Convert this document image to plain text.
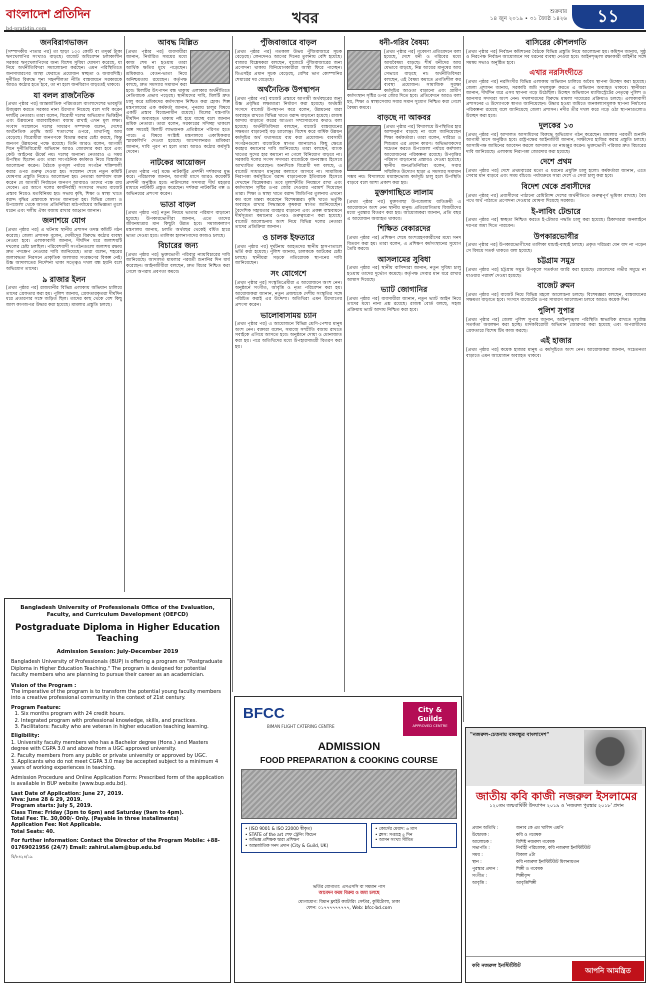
বাংলাদেশ প্রতিদিন
bd-pratidin.com
খবর	শুক্রবার
১৪ জুন ২০১৯ • ৩১ জ্যৈষ্ঠ ১৪২৬	১১
জনবিরাগভাজন

[সম্পাদকীয় পাতার পর] তা ছাড়া ১০০ কোটি বা তদূর্ধ্ব টাকা ঋণখেলাপির সংখ্যাও বাড়ছে। বাজেট অধিবেশন চলাকালীন সরকার ঋণখেলাপিদের জন্য বিশেষ সুবিধা ঘোষণা করেছে, যা নিয়ে অর্থনীতিবিদরা সমালোচনা করছেন। এমন পরিস্থিতিতে জনসাধারণের আস্থা ফেরাতে প্রয়োজন স্বচ্ছতা ও জবাবদিহি। দুর্নীতির বিরুদ্ধে শূন্য সহনশীলতা নীতি বাস্তবায়নে সরকারকে আরও কঠোর হতে হবে, তা না হলে জনবিরাগ বাড়তেই থাকবে।

যা বলল রাজনৈতিক

[প্রথম পৃষ্ঠার পর] আন্তর্জাতিক পরিমণ্ডলে বাংলাদেশের ভাবমূর্তি উজ্জ্বল করতে সরকার নানা উদ্যোগ নিয়েছে বলে দাবি করেন দলটির নেতারা। তারা বলেন, বিরোধী দলের অভিযোগ ভিত্তিহীন এবং উন্নয়নের ধারাবাহিকতা বজায় রাখাই এখন মূল লক্ষ্য। সংবাদ সম্মেলনে দলের সাধারণ সম্পাদক বলেন, দেশের অর্থনৈতিক প্রবৃদ্ধি আট শতাংশের ওপরে, মাথাপিছু আয় বেড়েছে। বিরোধীরা জনগণকে বিভ্রান্ত করার চেষ্টা করছে, কিন্তু জনগণ উন্নয়নের পক্ষে রয়েছে। তিনি আরও বলেন, আগামী দিনে দুর্নীতিবিরোধী অভিযান আরও জোরদার করা হবে এবং কেউ আইনের ঊর্ধ্বে নয়। দলের অন্যান্য নেতারাও এ সময় উপস্থিত ছিলেন এবং তারা সাংগঠনিক কর্মকাণ্ড নিয়ে বিস্তারিত আলোচনা করেন। বৈঠকে তৃণমূল পর্যায়ে সংগঠন শক্তিশালী করার ওপর গুরুত্ব দেওয়া হয়। সম্মেলন শেষে নতুন কমিটি ঘোষণার প্রস্তুতি নিয়েও আলোচনা হয়। নেতারা আশাবাদ ব্যক্ত করেন যে আগামী নির্বাচনে জনগণ আবারও তাদের পক্ষে রায় দেবেন। এর আগে দলের কার্যনির্বাহী সংসদের সভায় বাজেট প্রস্তাব নিয়েও মতবিনিময় হয়। সভায় কৃষি, শিক্ষা ও স্বাস্থ্য খাতে বরাদ্দ বৃদ্ধির প্রস্তাবকে স্বাগত জানানো হয়। বিভিন্ন জেলা ও উপজেলা থেকে আগত প্রতিনিধিরা মাঠপর্যায়ের অভিজ্ঞতা তুলে ধরেন এবং দলীয় ঐক্য বজায় রাখার আহ্বান জানান।

জলাশয়ে যোগ

[প্রথম পৃষ্ঠার পর] এ ঘটনায় স্থানীয় প্রশাসন তদন্ত কমিটি গঠন করেছে। জেলা প্রশাসক বলেন, দোষীদের বিরুদ্ধে কঠোর ব্যবস্থা নেওয়া হবে। এলাকাবাসী জানান, দীর্ঘদিন ধরে জলাশয়টি দখলের চেষ্টা চলছিল। পরিবেশবাদী সংগঠনগুলো জলাশয় রক্ষায় দ্রুত পদক্ষেপ নেওয়ার দাবি জানিয়েছে। তারা বলেন, শহরের জলাবদ্ধতা নিরসনে প্রাকৃতিক জলাধার সংরক্ষণের বিকল্প নেই। উচ্চ আদালতের নির্দেশনা থাকা সত্ত্বেও দখল বন্ধ হয়নি বলে অভিযোগ তাদের।

৯ রাজার ইলন

[প্রথম পৃষ্ঠার পর] রাজধানীর বিভিন্ন এলাকায় অভিযান চালিয়ে তাদের গ্রেফতার করা হয়। পুলিশ জানায়, গ্রেফতারকৃতরা দীর্ঘদিন ধরে প্রতারণার সঙ্গে জড়িত ছিল। তাদের কাছ থেকে বেশ কিছু জাল কাগজপত্র উদ্ধার করা হয়েছে। মামলার প্রস্তুতি চলছে।

Bangladesh University of Professionals Office of the Evaluation, Faculty, and Curriculum Development (OEFCD)
Postgraduate Diploma in Higher Education Teaching
Admission Session: July-December 2019

Bangladesh University of Professionals (BUP) is offering a program on "Postgraduate Diploma in Higher Education Teaching." The program is designed for potential faculty members who are planning to pursue their career as an academician.

Vision of the Program :

The imperative of the program is to transform the potential young faculty members into a creative professional community in the context of 21st century.

Program Feature:
1. Six months program with 24 credit hours.
2. Integrated program with professional knowledge, skills, and practices.
3. Facilitators: Faculty who are veteran in higher education teaching learning.
Eligibility:

1. University faculty members who has a Bachelor degree (Hons.) and Masters degree with CGPA 3.0 and above from a UGC approved university.

2. Faculty members from any public or private university or approved by UGC.

3. Applicants who do not meet CGPA 3.0 may be accepted subject to a minimum 4 years of working experiences in teaching.

Admission Procedure and Online Application Form: Prescribed form of the application is available in BUP website (www.bup.edu.bd).

Last Date of Application: June 27, 2019.

Viva: June 28 & 29, 2019.

Program starts: July 5, 2019.

Class Time: Friday (3pm to 6pm) and Saturday (9am to 4pm).

Total Fee: Tk. 30,000/- Only. (Payable in three installments)

Application Fee: Not Applicable.

Total Seats: 40.

For further information: Contact the Director of the Program Mobile: +88-01769021956 (24/7) Email: zahirul.alam@bup.edu.bd

বি/৮৪২৪/১৯

আবদ্ধ মিল্লিত

[প্রথম পৃষ্ঠার পর] ব্যবসায়ীরা জানান, নির্ধারিত সময়ের মধ্যে কাজ শেষ না হওয়ায় তারা আর্থিক ক্ষতির মুখে পড়েছেন। শ্রমিকরাও বেতন-ভাতা নিয়ে অনিশ্চয়তায় রয়েছেন। কর্তৃপক্ষ বলছে, দ্রুত সমস্যার সমাধান করা হবে। মিলটির উৎপাদন বন্ধ থাকায় এলাকার অর্থনীতিতে নেতিবাচক প্রভাব পড়েছে। স্থানীয়দের দাবি, মিলটি দ্রুত চালু করে শ্রমিকদের কর্মসংস্থান নিশ্চিত করা হোক। শিল্প মন্ত্রণালয়ের এক কর্মকর্তা জানান, পুনরায় চালুর বিষয়ে একটি প্রস্তাব বিবেচনাধীন রয়েছে। মিলের যন্ত্রপাতি দীর্ঘদিন অব্যবহৃত থাকায় নষ্ট হয়ে যাচ্ছে বলে জানান শ্রমিক নেতারা। তারা বলেন, সরকারের সদিচ্ছা থাকলে অল্প সময়েই মিলটি লাভজনক প্রতিষ্ঠানে পরিণত হতে পারে। এ বিষয়ে সংশ্লিষ্ট মন্ত্রণালয়ে একাধিকবার স্মারকলিপি দেওয়া হয়েছে। আন্দোলনরত শ্রমিকরা জানান, দাবি পূরণ না হলে তারা আরও কঠোর কর্মসূচি দেবেন।

নাটকের আয়োজন

[প্রথম পৃষ্ঠার পর] মঞ্চে নাটকটির প্রদর্শনী দর্শকদের মুগ্ধ করে। পরিচালক জানান, আগামী মাসে আরও কয়েকটি প্রদর্শনী অনুষ্ঠিত হবে। নাট্যদলের সদস্যরা দীর্ঘ মহড়ার মাধ্যমে নাটকটি প্রস্তুত করেছেন। দর্শকরা নাটকটির গল্প ও অভিনয়ের প্রশংসা করেন।

ভাতা বাড়ল

[প্রথম পৃষ্ঠার পর] নতুন নিয়মে ভাতার পরিমাণ বাড়ানো হয়েছে। উপকারভোগীরা জানান, এতে তাদের জীবনযাত্রার মান কিছুটা উন্নত হবে। সমাজকল্যাণ মন্ত্রণালয় জানায়, চলতি অর্থবছর থেকেই বর্ধিত হারে ভাতা দেওয়া হবে। তালিকা হালনাগাদের কাজও চলছে।

বিচারের জন্য

[প্রথম পৃষ্ঠার পর] ভুক্তভোগী পরিবার ন্যায়বিচারের দাবি জানিয়েছে। আদালত মামলার পরবর্তী শুনানির দিন ধার্য করেছেন। আইনজীবীরা বলছেন, দ্রুত বিচার নিশ্চিত করা গেলে অপরাধ প্রবণতা কমবে।

পুঁজিবাজারে বাড়ল

[প্রথম পৃষ্ঠার পর] গতকাল উভয় পুঁজিবাজারে সূচক বেড়েছে। লেনদেনও আগের দিনের তুলনায় বেশি হয়েছে। বাজার বিশ্লেষকরা বলছেন, বাজেটে পুঁজিবাজারের জন্য প্রণোদনা থাকায় বিনিয়োগকারীরা আস্থা ফিরে পাচ্ছেন। ডিএসইর প্রধান সূচক বেড়েছে, বেশির ভাগ কোম্পানির শেয়ারের দর বেড়েছে।

অর্থনৈতিক উপস্থাপন

[প্রথম পৃষ্ঠার পর] বাজেট প্রস্তাবে আগামী অর্থবছরের জন্য উচ্চ প্রবৃদ্ধির লক্ষ্যমাত্রা নির্ধারণ করা হয়েছে। অর্থমন্ত্রী সংসদে বাজেট উপস্থাপন করে বলেন, উন্নয়নের ধারা অব্যাহত রাখতে বিভিন্ন খাতে বরাদ্দ বাড়ানো হয়েছে। রাজস্ব আদায় বাড়াতে করের আওতা সম্প্রসারণের কথাও বলা হয়েছে। অর্থনীতিবিদরা বলছেন, বাজেট বাস্তবায়নের সক্ষমতা বাড়ানোই বড় চ্যালেঞ্জ। বিশেষ করে বার্ষিক উন্নয়ন কর্মসূচির অর্থ যথাসময়ে ব্যয় করা প্রয়োজন। ব্যবসায়ী সংগঠনগুলো বাজেটকে স্বাগত জানালেও কিছু ক্ষেত্রে করহার কমানোর দাবি জানিয়েছে। তারা বলছেন, ব্যাংক খাতের সুদের হার কমানো না গেলে বিনিয়োগ বাড়বে না। সরকারি দলের সংসদ সদস্যরা বাজেটকে জনবান্ধব হিসেবে আখ্যায়িত করেছেন। অন্যদিকে বিরোধী দল বলছে, এ বাজেট সাধারণ মানুষের কল্যাণে আসবে না। সামাজিক নিরাপত্তা কর্মসূচিতে বরাদ্দ বাড়ানোকে ইতিবাচক হিসেবে দেখছেন বিশ্লেষকরা। তবে মূল্যস্ফীতি নিয়ন্ত্রণে রাখা এবং কর্মসংস্থান সৃষ্টির ওপর জোর দেওয়ার পরামর্শ দিয়েছেন তারা। শিক্ষা ও স্বাস্থ্য খাতে বরাদ্দ জিডিপির তুলনায় এখনো কম বলে মন্তব্য করেছেন বিশেষজ্ঞরা। কৃষি খাতে ভর্তুকি অব্যাহত রাখার সিদ্ধান্তকে কৃষকরা স্বাগত জানিয়েছেন। বৈদেশিক সহায়তার ব্যবহার বাড়ানো এবং প্রকল্প বাস্তবায়নে দীর্ঘসূত্রতা কমানোর ওপরও গুরুত্বারোপ করা হয়েছে। বাজেট আলোচনায় অংশ নিয়ে বিভিন্ন দলের নেতারা তাদের প্রতিক্রিয়া জানান।

ও চালক ইফতারে

[প্রথম পৃষ্ঠার পর] দুর্ঘটনায় আহতদের স্থানীয় হাসপাতালে ভর্তি করা হয়েছে। পুলিশ জানায়, চালককে আটকের চেষ্টা চলছে। স্থানীয়রা সড়কে গতিরোধক স্থাপনের দাবি জানিয়েছেন।

সং যোগেশে

[প্রথম পৃষ্ঠার পর] সংস্কৃতিপ্রেমীরা এ আয়োজনে অংশ নেন। অনুষ্ঠানে সংগীত, আবৃত্তি ও নৃত্য পরিবেশন করা হয়। আয়োজকরা জানান, নতুন প্রজন্মকে দেশীয় সংস্কৃতির সঙ্গে পরিচিত করাই এর উদ্দেশ্য। অতিথিরা এমন উদ্যোগের প্রশংসা করেন।

ভালোবাসাময় চ্যান

[প্রথম পৃষ্ঠার পর] এ আয়োজনে বিভিন্ন শ্রেণি-পেশার মানুষ অংশ নেন। বক্তারা বলেন, সমাজে সম্প্রীতি বজায় রাখতে সবাইকে এগিয়ে আসতে হবে। অনুষ্ঠানে দোয়া ও মোনাজাত করা হয়। পরে অতিথিদের মধ্যে উপহারসামগ্রী বিতরণ করা হয়।

ধনী-গরিব বৈষম্য

[প্রথম পৃষ্ঠার পর] গবেষণা প্রতিবেদনে বলা হয়েছে, দেশে ধনী ও গরিবের মধ্যে আয়বৈষম্য বাড়ছে। শীর্ষ ধনীদের আয় যেভাবে বাড়ছে, নিম্ন আয়ের মানুষের আয় সেভাবে বাড়ছে না। অর্থনীতিবিদরা বলছেন, এই বৈষম্য কমাতে প্রগতিশীল কর ব্যবস্থা প্রয়োজন। সামাজিক সুরক্ষা কর্মসূচির আওতা বাড়ানো এবং গ্রামীণ কর্মসংস্থান সৃষ্টির ওপর জোর দিতে হবে। প্রতিবেদনে আরও বলা হয়, শিক্ষা ও স্বাস্থ্যসেবায় সবার সমান সুযোগ নিশ্চিত করা গেলে বৈষম্য কমবে।

বাড়ছে না আকবর

[প্রথম পৃষ্ঠার পর] বিদ্যালয়ে উপস্থিতির হার আশানুরূপ বাড়ছে না বলে জানিয়েছেন শিক্ষা কর্মকর্তারা। তারা বলেন, দারিদ্র্য ও শিশুশ্রম এর প্রধান কারণ। অভিভাবকদের সচেতন করতে উপজেলা পর্যায়ে কর্মশালা আয়োজনের পরিকল্পনা রয়েছে। উপবৃত্তির পরিমাণ বাড়ানোর প্রস্তাবও দেওয়া হয়েছে। স্থানীয় জনপ্রতিনিধিরা বলেন, সবার সম্মিলিত উদ্যোগ ছাড়া এ সমস্যার সমাধান সম্ভব নয়। বিদ্যালয়ে মধ্যাহ্নভোজ কর্মসূচি চালু হলে উপস্থিতি বাড়বে বলে আশা প্রকাশ করা হয়।

মুক্তাগাছিতে লালাম

[প্রথম পৃষ্ঠার পর] মুক্তাগাছা উপজেলায় ব্যতিক্রমী এ আয়োজনে অংশ নেন স্থানীয় মানুষ। প্রতিযোগিতায় বিজয়ীদের মধ্যে পুরস্কার বিতরণ করা হয়। আয়োজকরা জানান, প্রতি বছর এ আয়োজন অব্যাহত থাকবে।

শিক্ষিত বেকারদের

[প্রথম পৃষ্ঠার পর] প্রশিক্ষণ শেষে অংশগ্রহণকারীদের মধ্যে সনদ বিতরণ করা হয়। তারা বলেন, এ প্রশিক্ষণ কর্মসংস্থানের সুযোগ তৈরি করবে।

আসলামের সুবিধা

[প্রথম পৃষ্ঠার পর] স্থানীয় বাসিন্দারা জানান, নতুন সুবিধা চালু হওয়ায় তাদের দুর্ভোগ কমেছে। কর্তৃপক্ষ সেবার মান ধরে রাখার আশ্বাস দিয়েছে।

ভ্যাট জোগানির

[প্রথম পৃষ্ঠার পর] ব্যবসায়ীরা জানান, নতুন ভ্যাট আইন নিয়ে তাদের মধ্যে নানা প্রশ্ন রয়েছে। রাজস্ব বোর্ড বলছে, সহজ প্রক্রিয়ায় ভ্যাট আদায় নিশ্চিত করা হবে।

বাসিরের কৌশলগতি

[প্রথম পৃষ্ঠার পর] নির্বাচন কমিশনের বৈঠকে বিভিন্ন প্রস্তুতি নিয়ে আলোচনা হয়। কমিশন জানায়, সুষ্ঠু ও নিরপেক্ষ নির্বাচন আয়োজনে সব ধরনের ব্যবস্থা নেওয়া হবে। আইনশৃঙ্খলা রক্ষাকারী বাহিনীর সঙ্গে সমন্বয় সভাও অনুষ্ঠিত হবে।

এখার নরসিংদীতে

[প্রথম পৃষ্ঠার পর] নরসিংদীর বিভিন্ন এলাকায় অভিযান চালিয়ে অবৈধ স্থাপনা উচ্ছেদ করা হয়েছে। জেলা প্রশাসন জানায়, সরকারি জমি দখলমুক্ত করতে এ অভিযান অব্যাহত থাকবে। স্থানীয়রা জানান, দীর্ঘদিন ধরে এসব স্থাপনা গড়ে উঠেছিল। উচ্ছেদ অভিযানে ম্যাজিস্ট্রেটের নেতৃত্বে পুলিশ ও আনসার সদস্যরা অংশ নেন। দখলদারদের বিরুদ্ধে মামলা দায়েরের প্রক্রিয়াও চলছে। এলাকাবাসী প্রশাসনের এ উদ্যোগকে স্বাগত জানিয়েছেন। উদ্ধার হওয়া জমিতে জনকল্যাণমূলক স্থাপনা নির্মাণের পরিকল্পনা রয়েছে বলে জানিয়েছে জেলা প্রশাসন। নদীর তীর দখল করে গড়ে ওঠা স্থাপনাগুলোও উচ্ছেদ করা হবে।

দুলকের ১৩

[প্রথম পৃষ্ঠার পর] আদালত আসামিদের বিরুদ্ধে অভিযোগ গঠন করেছেন। মামলার পরবর্তী শুনানি আগামী মাসে অনুষ্ঠিত হবে। রাষ্ট্রপক্ষের আইনজীবী জানান, সাক্ষীদের হাজির করার প্রস্তুতি চলছে। আসামিপক্ষ জামিনের আবেদন করলে আদালত তা নামঞ্জুর করেন। ভুক্তভোগী পরিবার দ্রুত বিচারের দাবি জানিয়েছে। এলাকায় নিরাপত্তা জোরদার করা হয়েছে।

দেশে প্রথম

[প্রথম পৃষ্ঠার পর] দেশে প্রথমবারের মতো এ ধরনের প্রযুক্তি চালু হলো। কর্মকর্তারা জানান, এতে সেবার মান বাড়বে এবং সময় বাঁচবে। পর্যায়ক্রমে সারা দেশে এ সেবা চালু করা হবে।

বিদেশ থেকে প্রবাসীদের

[প্রথম পৃষ্ঠার পর] প্রবাসীদের পাঠানো রেমিট্যান্স দেশের অর্থনীতিতে গুরুত্বপূর্ণ ভূমিকা রাখছে। বৈধ পথে অর্থ পাঠাতে প্রণোদনা দেওয়ার ঘোষণা দিয়েছে সরকার।

ই-লাবিং টেন্ডারে

[প্রথম পৃষ্ঠার পর] স্বচ্ছতা নিশ্চিত করতে ই-টেন্ডার পদ্ধতি চালু করা হয়েছে। ঠিকাদাররা অনলাইনে দরপত্র জমা দিতে পারবেন।

উপকারভোগীর

[প্রথম পৃষ্ঠার পর] উপকারভোগীদের তালিকা যাচাই-বাছাই চলছে। প্রকৃত দরিদ্ররা যেন বাদ না পড়েন সে বিষয়ে সতর্ক থাকতে বলা হয়েছে।

চট্টগ্রাম সমুদ্র

[প্রথম পৃষ্ঠার পর] চট্টগ্রাম সমুদ্র উপকূলে সতর্কতা জারি করা হয়েছে। জেলেদের গভীর সমুদ্রে না যাওয়ার পরামর্শ দেওয়া হয়েছে।

বাজেট রুমন

[প্রথম পৃষ্ঠার পর] বাজেট নিয়ে বিভিন্ন মহলে আলোচনা চলছে। বিশেষজ্ঞরা বলছেন, বাস্তবায়নের সক্ষমতা বাড়াতে হবে। সংসদে বাজেটের ওপর সাধারণ আলোচনা চলবে আরও কয়েক দিন।

পুলিশ সুপার

[প্রথম পৃষ্ঠার পর] জেলা পুলিশ সুপার জানান, আইনশৃঙ্খলা পরিস্থিতি স্বাভাবিক রাখতে সর্বোচ্চ সতর্কতা অবলম্বন করা হচ্ছে। মাদকবিরোধী অভিযান জোরদার করা হয়েছে এবং অপরাধীদের গ্রেফতারে বিশেষ টিম কাজ করছে।

এই হাজার

[প্রথম পৃষ্ঠার পর] কয়েক হাজার মানুষ এ কর্মসূচিতে অংশ নেন। আয়োজকরা জানান, সচেতনতা বাড়াতে এমন আয়োজন অব্যাহত থাকবে।

BFCC
BIMAN FLIGHT CATERING CENTRE
City &
Guilds
APPROVED CENTRE
ADMISSION
FOOD PREPARATION & COOKING COURSE
• (ISO 9001 & ISO 22000 স্বীকৃত)
• STATE of the art শেফ ট্রেনিং কিচেন
• অভিজ্ঞ প্রশিক্ষক দ্বারা প্রশিক্ষণ
• আন্তর্জাতিক সনদ প্রদান (City & Guild, UK)
• কোর্সের মেয়াদ: ৬ মাস
• ক্লাস: সপ্তাহে ৫ দিন
• আসন সংখ্যা সীমিত
ভর্তির যোগ্যতা: এসএসসি বা সমমান পাস
আবেদন ফরম বিক্রয় ও জমা চলছে
যোগাযোগ: বিমান ফ্লাইট ক্যাটারিং সেন্টার, কুর্মিটোলা, ঢাকা
ফোন: ০১৭৭৭৭৭৭৭৭৭, Web: bfcc-bd.com
"নজরুল-চেতনায় বঙ্গবন্ধুর বাংলাদেশ"
জাতীয় কবি কাজী নজরুল ইসলামের
১২০তম জন্মবার্ষিকী উদযাপন ২০১৯ ও 'নজরুল পুরস্কার ২০১৮' প্রদান
প্রধান অতিথি :	জনাব কে এম খালিদ এমপি
উদ্বোধক :	কবি ও গবেষক
আলোচক :	বিশিষ্ট নজরুল গবেষক
সভাপতি :	নির্বাহী পরিচালক, কবি নজরুল ইনস্টিটিউট
সময় :	বিকাল ৪টা
স্থান :	কবি নজরুল ইনস্টিটিউট মিলনায়তন
পুরস্কার প্রদান :	শিল্পী ও গবেষক
সংগীত :	শিল্পীবৃন্দ
আবৃত্তি :	আবৃত্তিশিল্পী
কবি নজরুল ইনস্টিটিউট
আপনি আমন্ত্রিত
